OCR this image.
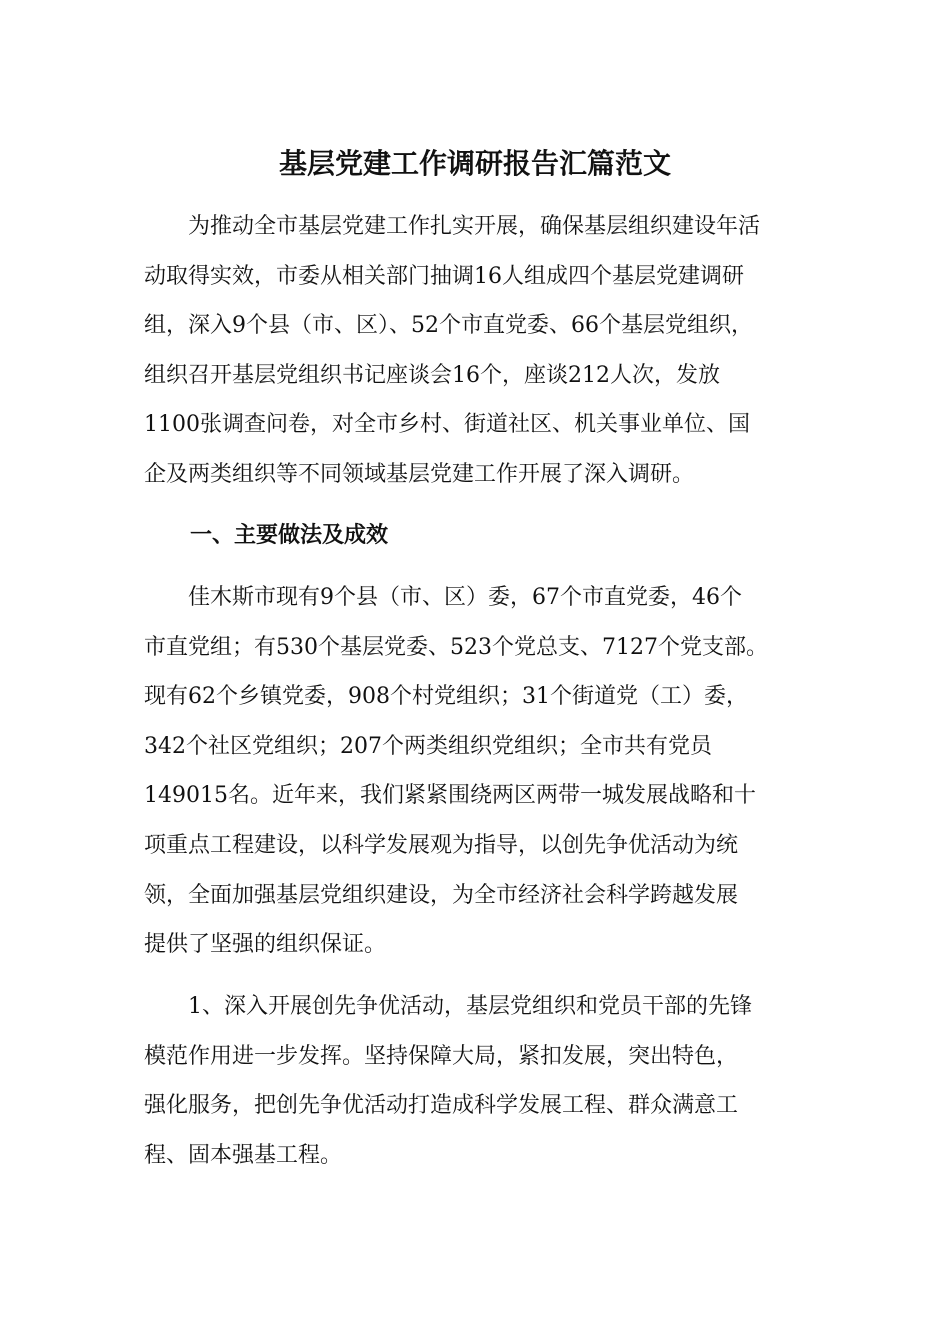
基层党建工作调研报告汇篇范文
为推动全市基层党建工作扎实开展，确保基层组织建设年活
动取得实效，市委从相关部门抽调16人组成四个基层党建调研
组，深入9个县（市、区）、52个市直党委、66个基层党组织，
组织召开基层党组织书记座谈会16个，座谈212人次，发放
1100张调查问卷，对全市乡村、街道社区、机关事业单位、国
企及两类组织等不同领域基层党建工作开展了深入调研。
一、主要做法及成效
佳木斯市现有9个县（市、区）委，67个市直党委，46个
市直党组；有530个基层党委、523个党总支、7127个党支部。
现有62个乡镇党委，908个村党组织；31个街道党（工）委，
342个社区党组织；207个两类组织党组织；全市共有党员
149015名。近年来，我们紧紧围绕两区两带一城发展战略和十
项重点工程建设，以科学发展观为指导，以创先争优活动为统
领，全面加强基层党组织建设，为全市经济社会科学跨越发展
提供了坚强的组织保证。
1、深入开展创先争优活动，基层党组织和党员干部的先锋
模范作用进一步发挥。坚持保障大局，紧扣发展，突出特色，
强化服务，把创先争优活动打造成科学发展工程、群众满意工
程、固本强基工程。
